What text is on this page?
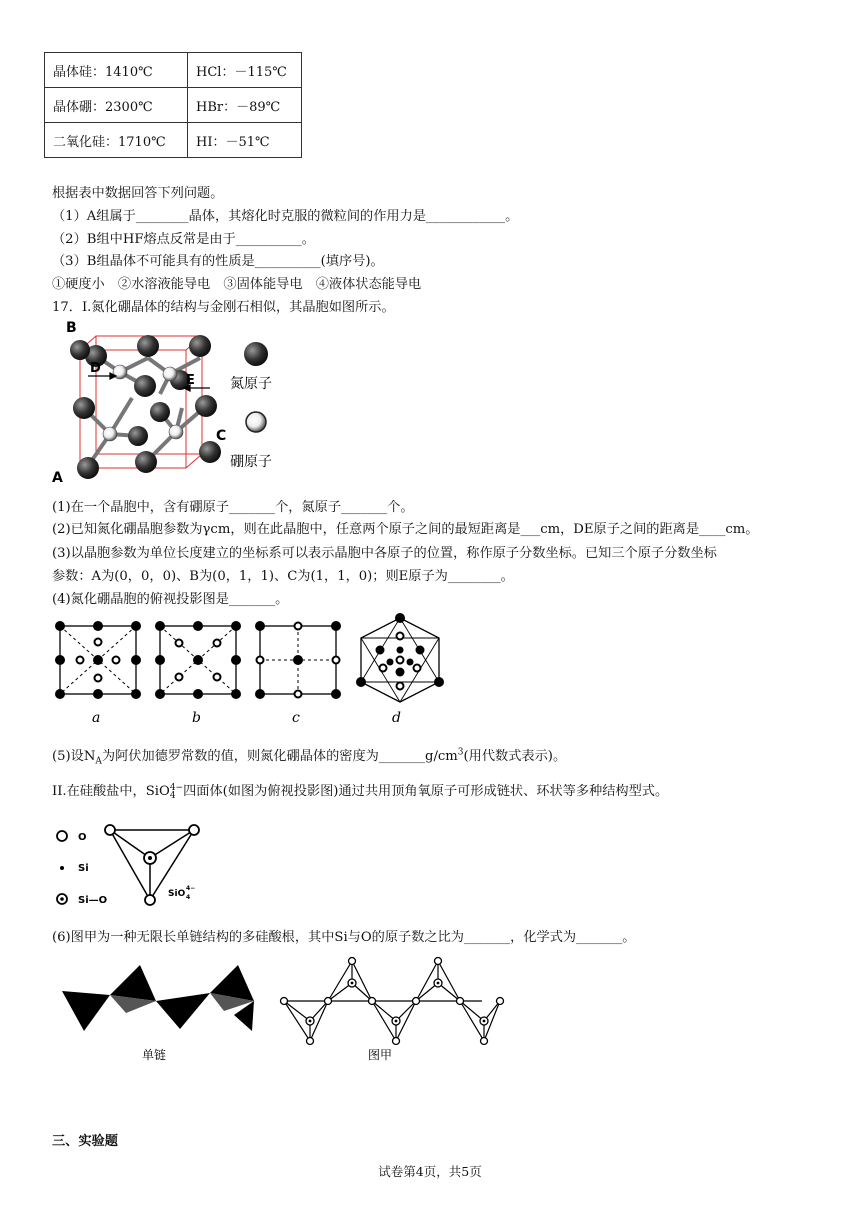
晶体硅：1410℃	HCl：－115℃
晶体硼：2300℃	HBr：－89℃
二氧化硅：1710℃	HI：－51℃
根据表中数据回答下列问题。
（1）A组属于________晶体，其熔化时克服的微粒间的作用力是____________。
（2）B组中HF熔点反常是由于__________。
（3）B组晶体不可能具有的性质是__________(填序号)。
①硬度小　②水溶液能导电　③固体能导电　④液体状态能导电
17．I.氮化硼晶体的结构与金刚石相似，其晶胞如图所示。
B
D
E
C
A
氮原子
硼原子
(1)在一个晶胞中，含有硼原子_______个，氮原子_______个。
(2)已知氮化硼晶胞参数为γcm，则在此晶胞中，任意两个原子之间的最短距离是___cm，DE原子之间的距离是____cm。
(3)以晶胞参数为单位长度建立的坐标系可以表示晶胞中各原子的位置，称作原子分数坐标。已知三个原子分数坐标
参数：A为(0，0，0)、B为(0，1，1)、C为(1，1，0)；则E原子为________。
(4)氮化硼晶胞的俯视投影图是_______。
a	b	c	d
(5)设$N_A$为阿伏加德罗常数的值，则氮化硼晶体的密度为$\_\_\_\_\_\_\_g/cm^3$(用代数式表示)。
II.在硅酸盐中，SiO 4−
4 四面体(如图为俯视投影图)通过共用顶角氧原子可形成链状、环状等多种结构型式。
O
Si
Si—O
SiO
4−
4
(6)图甲为一种无限长单链结构的多硅酸根，其中Si与O的原子数之比为_______，化学式为_______。
单链	图甲
三、实验题
试卷第4页，共5页
